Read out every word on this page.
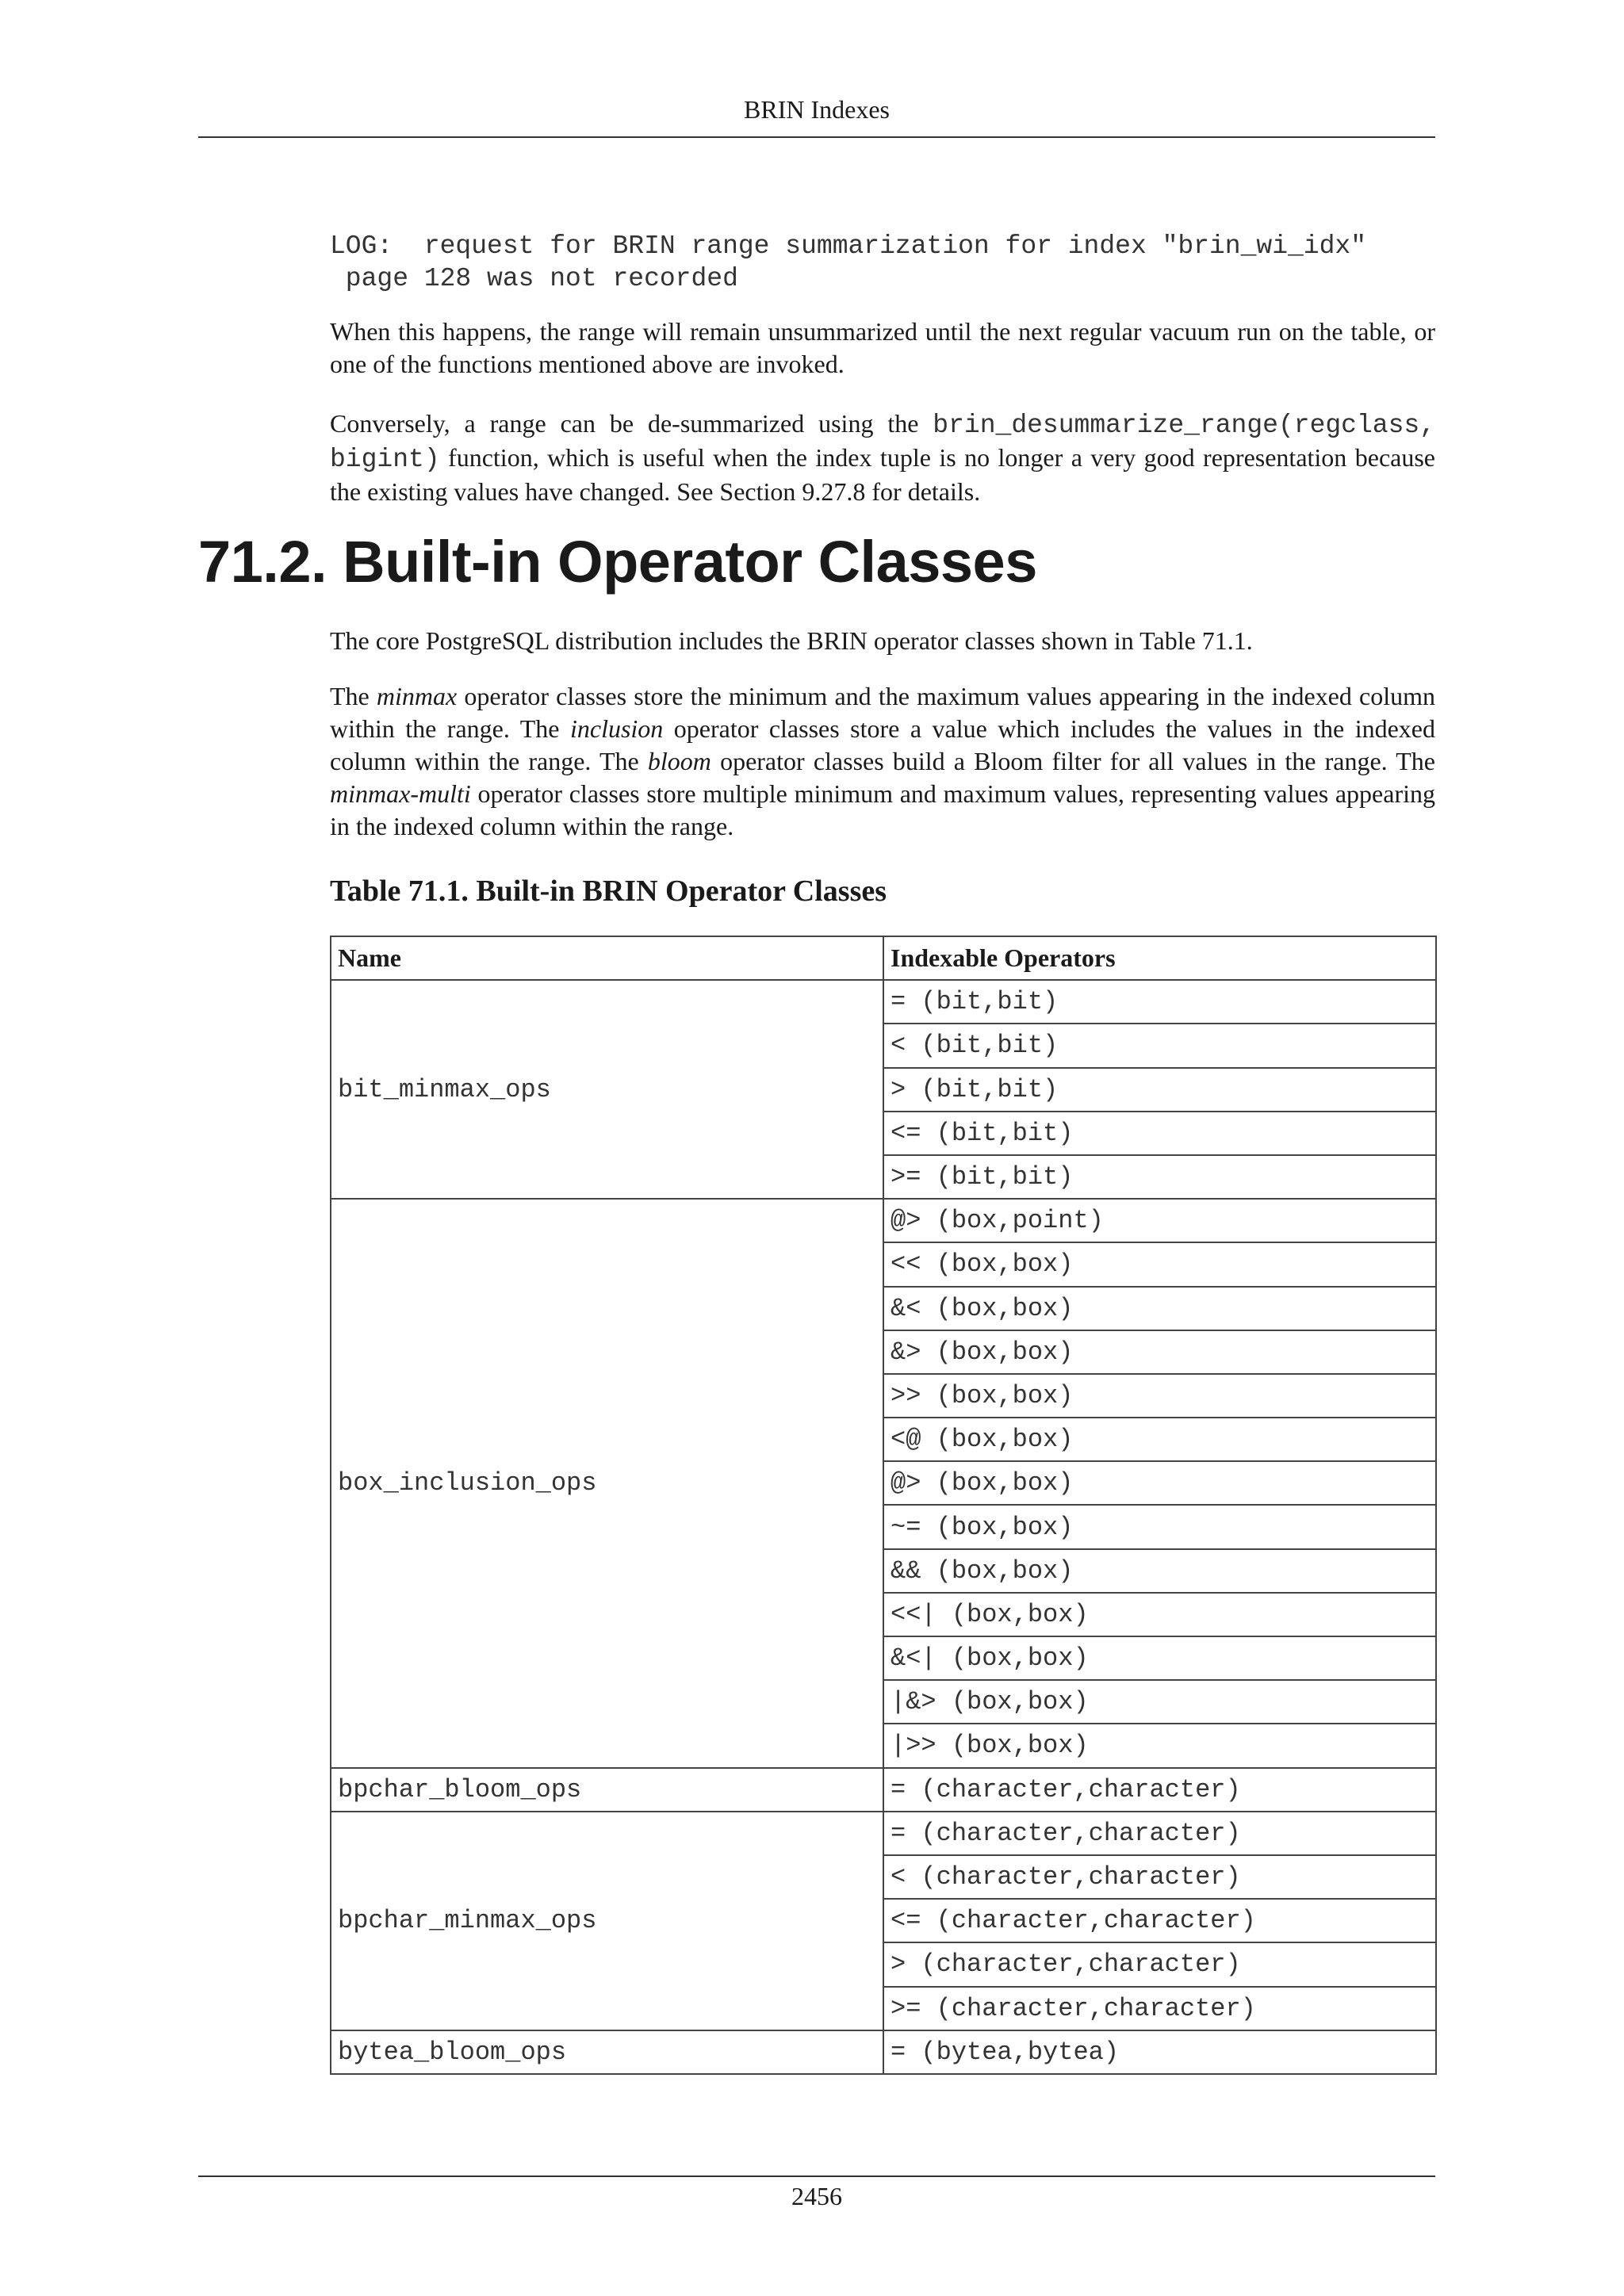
BRIN Indexes
LOG:  request for BRIN range summarization for index "brin_wi_idx"
page 128 was not recorded

When this happens, the range will remain unsummarized until the next regular vacuum run on the table, or one of the functions mentioned above are invoked.

Conversely, a range can be de-summarized using the brin_desummarize_range(regclass, bigint) function, which is useful when the index tuple is no longer a very good representation because the existing values have changed. See Section 9.27.8 for details.

71.2. Built-in Operator Classes

The core PostgreSQL distribution includes the BRIN operator classes shown in Table 71.1.

The minmax operator classes store the minimum and the maximum values appearing in the indexed column within the range. The inclusion operator classes store a value which includes the values in the indexed column within the range. The bloom operator classes build a Bloom filter for all values in the range. The minmax-multi operator classes store multiple minimum and maximum values, representing values appearing in the indexed column within the range.

Table 71.1. Built-in BRIN Operator Classes
Name	Indexable Operators
bit_minmax_ops	= (bit,bit)
	< (bit,bit)
	> (bit,bit)
	<= (bit,bit)
	>= (bit,bit)
box_inclusion_ops	@> (box,point)
	<< (box,box)
	&< (box,box)
	&> (box,box)
	>> (box,box)
	<@ (box,box)
	@> (box,box)
	~= (box,box)
	&& (box,box)
	<<| (box,box)
	&<| (box,box)
	|&> (box,box)
	|>> (box,box)
bpchar_bloom_ops	= (character,character)
bpchar_minmax_ops	= (character,character)
	< (character,character)
	<= (character,character)
	> (character,character)
	>= (character,character)
bytea_bloom_ops	= (bytea,bytea)
2456
